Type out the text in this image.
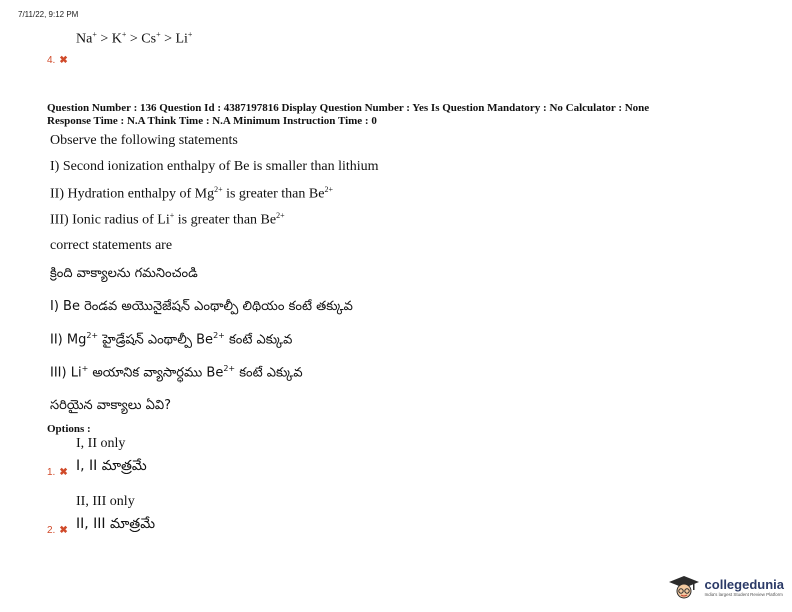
7/11/22, 9:12 PM
Na+ > K+ > Cs+ > Li+
4. ✖
Question Number : 136 Question Id : 4387197816 Display Question Number : Yes Is Question Mandatory : No Calculator : None
Response Time : N.A Think Time : N.A Minimum Instruction Time : 0
Observe the following statements
I) Second ionization enthalpy of Be is smaller than lithium
II) Hydration enthalpy of $Mg^{2+}$ is greater than $Be^{2+}$
III) Ionic radius of Li+ is greater than $Be^{2+}$
correct statements are
క్రింది వాక్యాలను గమనించండి
I) Be రెండవ అయొనైజేషన్ ఎంథాల్పీ లిథియం కంటే తక్కువ
II) $Mg^{2+}$ హైడ్రేషన్ ఎంథాల్పీ $Be^{2+}$ కంటే ఎక్కువ
III) Li+ అయానిక వ్యాసార్ధము $Be^{2+}$ కంటే ఎక్కువ
సరియైన వాక్యాలు ఏవి?
Options :
I, II only
1. ✖ I, II మాత్రమే
II, III only
2. ✖ II, III మాత్రమే
collegedunia
India's largest Student Review Platform
